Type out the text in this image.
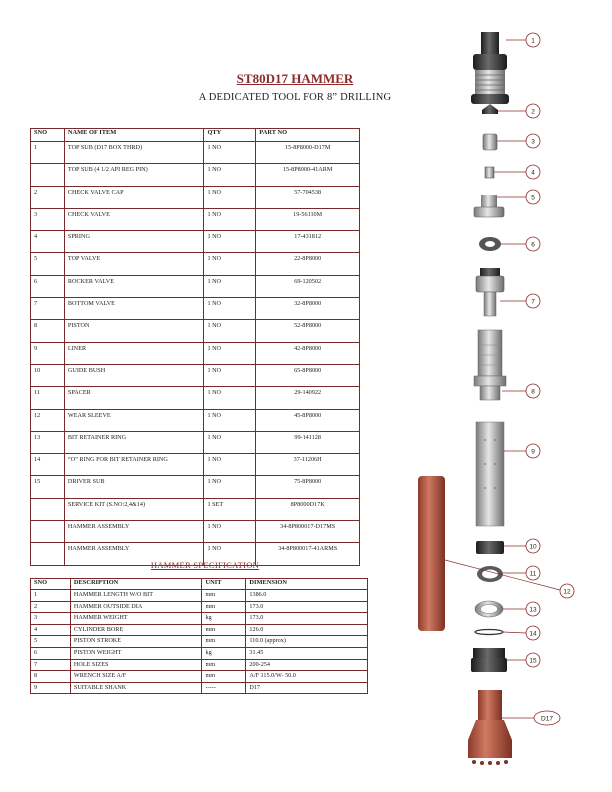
ST80D17 HAMMER
A DEDICATED TOOL FOR 8” DRILLING
SNO	NAME OF ITEM	QTY	PART NO
1	TOP SUB (D17 BOX THRD)	1 NO	15-8P8000-D17M
	TOP SUB (4 1/2 API REG PIN)	1 NO	15-8P8000-41ARM
2	CHECK VALVE CAP	1 NO	57-704538
3	CHECK VALVE	1 NO	19-56110M
4	SPRING	1 NO	17-431812
5	TOP VALVE	1 NO	22-8P8000
6	ROCKER VALVE	1 NO	69-120502
7	BOTTOM VALVE	1 NO	32-8P8000
8	PISTON	1 NO	52-8P8000
9	LINER	1 NO	42-8P8000
10	GUIDE BUSH	1 NO	65-8P8000
11	SPACER	1 NO	29-140922
12	WEAR SLEEVE	1 NO	45-8P8000
13	BIT RETAINER RING	1 NO	99-141128
14	“O” RING FOR BIT RETAINER RING	1 NO	37-11206H
15	DRIVER SUB	1 NO	75-8P8000
	SERVICE KIT (S.NO:2,4&14)	1 SET	8P8000D17K
	HAMMER ASSEMBLY	1 NO	34-8P800017-D17MS
	HAMMER ASSEMBLY	1 NO	34-8P800017-41ARMS
HAMMER SPECIFICATION
SNO	DESCRIPTION	UNIT	DIMENSION
1	HAMMER LENGTH W/O BIT	mm	1386.0
2	HAMMER OUTSIDE DIA	mm	173.0
3	HAMMER WEIGHT	kg	173.0
4	CYLINDER BORE	mm	126.0
5	PISTON STROKE	mm	110.0 (approx)
6	PISTON WEIGHT	kg	31.45
7	HOLE SIZES	mm	200-254
8	WRENCH SIZE A/F	mm	A/F 115.0/W- 50.0
9	SUITABLE SHANK	-----	D17
1
2
3
4
5
6
7
8
9
10
11
12
13
14
15
D17
